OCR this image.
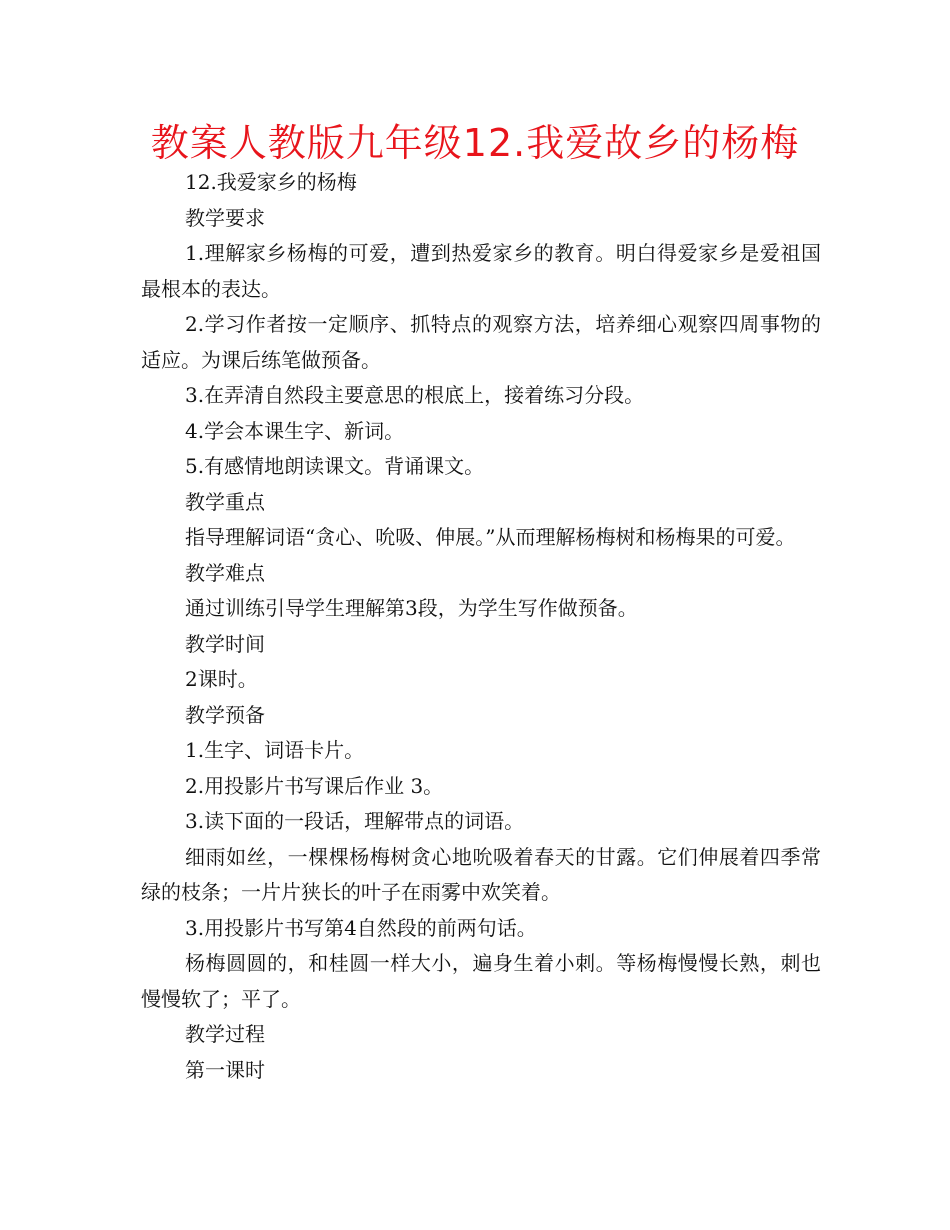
教案人教版九年级12.我爱故乡的杨梅

12.我爱家乡的杨梅

教学要求

1.理解家乡杨梅的可爱，遭到热爱家乡的教育。明白得爱家乡是爱祖国最根本的表达。

2.学习作者按一定顺序、抓特点的观察方法，培养细心观察四周事物的适应。为课后练笔做预备。

3.在弄清自然段主要意思的根底上，接着练习分段。

4.学会本课生字、新词。

5.有感情地朗读课文。背诵课文。

教学重点

指导理解词语“贪心、吮吸、伸展。”从而理解杨梅树和杨梅果的可爱。

教学难点

通过训练引导学生理解第3段，为学生写作做预备。

教学时间

2课时。

教学预备

1.生字、词语卡片。

2.用投影片书写课后作业 3。

3.读下面的一段话，理解带点的词语。

细雨如丝，一棵棵杨梅树贪心地吮吸着春天的甘露。它们伸展着四季常绿的枝条；一片片狭长的叶子在雨雾中欢笑着。

3.用投影片书写第4自然段的前两句话。

杨梅圆圆的，和桂圆一样大小，遍身生着小刺。等杨梅慢慢长熟，刺也慢慢软了；平了。

教学过程

第一课时
